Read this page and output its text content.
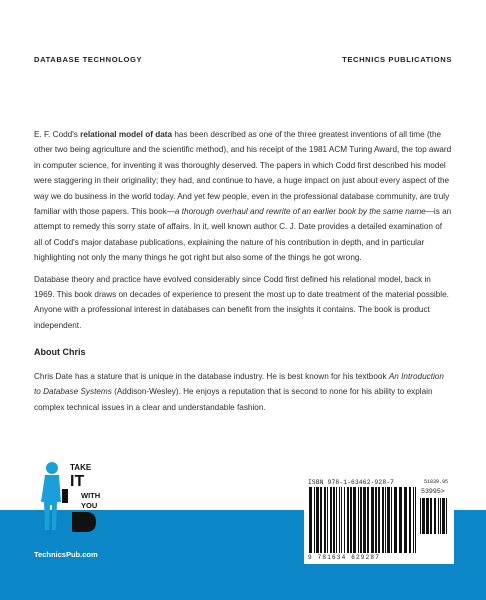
DATABASE TECHNOLOGY	TECHNICS PUBLICATIONS

E. F. Codd's relational model of data has been described as one of the three greatest inventions of all time (the other two being agriculture and the scientific method), and his receipt of the 1981 ACM Turing Award, the top award in computer science, for inventing it was thoroughly deserved. The papers in which Codd first described his model were staggering in their originality; they had, and continue to have, a huge impact on just about every aspect of the way we do business in the world today. And yet few people, even in the professional database community, are truly familiar with those papers. This book—a thorough overhaul and rewrite of an earlier book by the same name—is an attempt to remedy this sorry state of affairs. In it, well known author C. J. Date provides a detailed examination of all of Codd's major database publications, explaining the nature of his contribution in depth, and in particular highlighting not only the many things he got right but also some of the things he got wrong.

Database theory and practice have evolved considerably since Codd first defined his relational model, back in 1969. This book draws on decades of experience to present the most up to date treatment of the material possible. Anyone with a professional interest in databases can benefit from the insights it contains. The book is product independent.

About Chris

Chris Date has a stature that is unique in the database industry. He is best known for his textbook An Introduction to Database Systems (Addison-Wesley). He enjoys a reputation that is second to none for his ability to explain complex technical issues in a clear and understandable fashion.

TechnicsPub.com
TAKE
IT
WITH
YOU
ISBN 978-1-63462-928-7	51839.95
53995>
9 781634 629287
